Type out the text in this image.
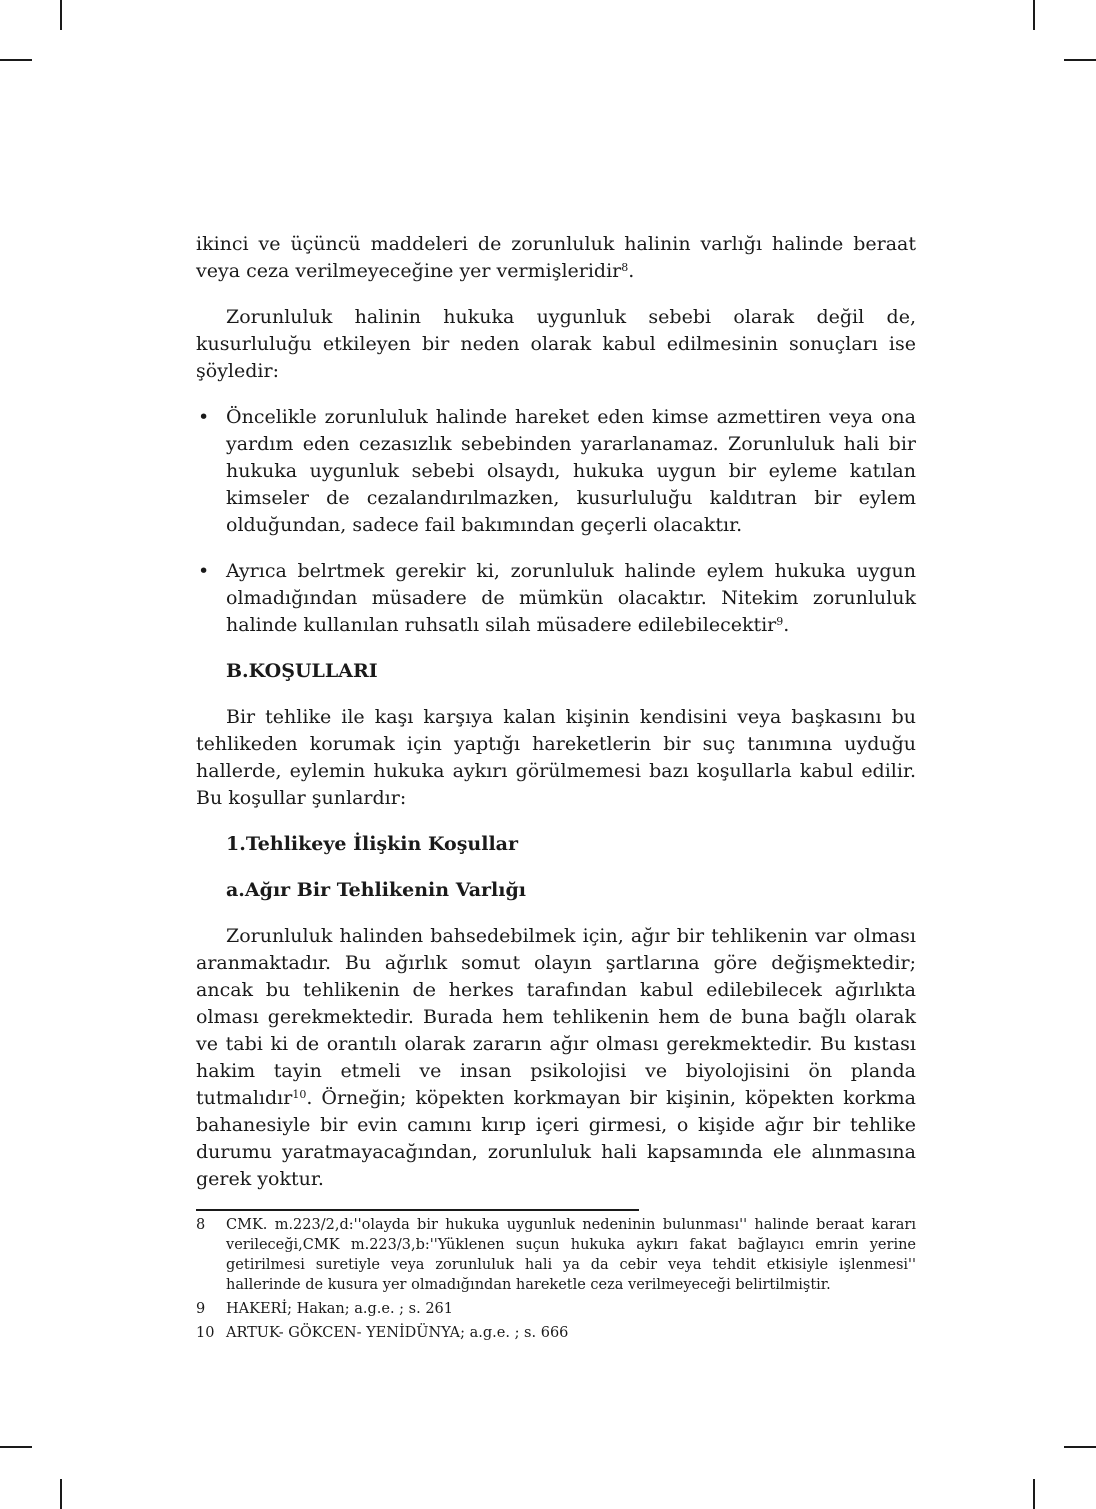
ikinci ve üçüncü maddeleri de zorunluluk halinin varlığı halinde beraat veya ceza verilmeyeceğine yer vermişleridir$^8$.

Zorunluluk halinin hukuka uygunluk sebebi olarak değil de, kusurluluğu etkileyen bir neden olarak kabul edilmesinin sonuçları ise şöyledir:

• Öncelikle zorunluluk halinde hareket eden kimse azmettiren veya ona yardım eden cezasızlık sebebinden yararlanamaz. Zorunluluk hali bir hukuka uygunluk sebebi olsaydı, hukuka uygun bir eyleme katılan kimseler de cezalandırılmazken, kusurluluğu kaldıtran bir eylem olduğundan, sadece fail bakımından geçerli olacaktır.
• Ayrıca belrtmek gerekir ki, zorunluluk halinde eylem hukuka uygun olmadığından müsadere de mümkün olacaktır. Nitekim zorunluluk halinde kullanılan ruhsatlı silah müsadere edilebilecektir$^9$.

B.KOŞULLARI

Bir tehlike ile kaşı karşıya kalan kişinin kendisini veya başkasını bu tehlikeden korumak için yaptığı hareketlerin bir suç tanımına uyduğu hallerde, eylemin hukuka aykırı görülmemesi bazı koşullarla kabul edilir. Bu koşullar şunlardır:

1.Tehlikeye İlişkin Koşullar

a.Ağır Bir Tehlikenin Varlığı

Zorunluluk halinden bahsedebilmek için, ağır bir tehlikenin var olması aranmaktadır. Bu ağırlık somut olayın şartlarına göre değişmektedir; ancak bu tehlikenin de herkes tarafından kabul edilebilecek ağırlıkta olması gerekmektedir. Burada hem tehlikenin hem de buna bağlı olarak ve tabi ki de orantılı olarak zararın ağır olması gerekmektedir. Bu kıstası hakim tayin etmeli ve insan psikolojisi ve biyolojisini ön planda tutmalıdır$^{10}$. Örneğin; köpekten korkmayan bir kişinin, köpekten korkma bahanesiyle bir evin camını kırıp içeri girmesi, o kişide ağır bir tehlike durumu yaratmayacağından, zorunluluk hali kapsamında ele alınmasına gerek yoktur.

8	CMK. m.223/2,d:''olayda bir hukuka uygunluk nedeninin bulunması'' halinde beraat kararı verileceği,CMK m.223/3,b:''Yüklenen suçun hukuka aykırı fakat bağlayıcı emrin yerine getirilmesi suretiyle veya zorunluluk hali ya da cebir veya tehdit etkisiyle işlenmesi'' hallerinde de kusura yer olmadığından hareketle ceza verilmeyeceği belirtilmiştir.
9	HAKERİ; Hakan; a.g.e. ; s. 261
10 ARTUK- GÖKCEN- YENİDÜNYA; a.g.e. ; s. 666
